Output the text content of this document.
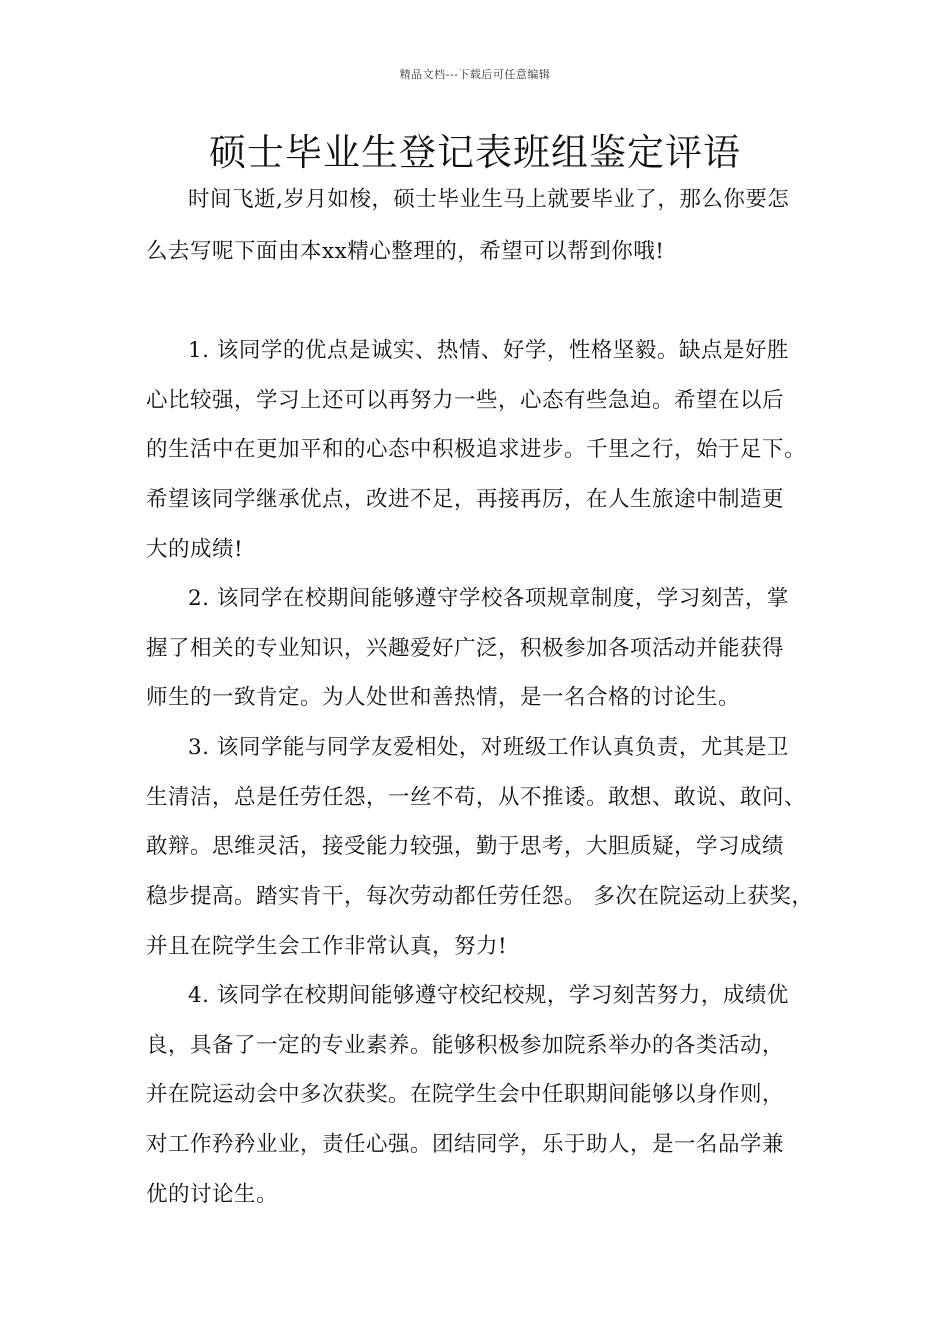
精品文档---下载后可任意编辑
硕士毕业生登记表班组鉴定评语
时间飞逝,岁月如梭，硕士毕业生马上就要毕业了，那么你要怎
么去写呢下面由本xx精心整理的，希望可以帮到你哦!
1. 该同学的优点是诚实、热情、好学，性格坚毅。缺点是好胜
心比较强，学习上还可以再努力一些，心态有些急迫。希望在以后
的生活中在更加平和的心态中积极追求进步。千里之行，始于足下。
希望该同学继承优点，改进不足，再接再厉，在人生旅途中制造更
大的成绩!
2. 该同学在校期间能够遵守学校各项规章制度，学习刻苦，掌
握了相关的专业知识，兴趣爱好广泛，积极参加各项活动并能获得
师生的一致肯定。为人处世和善热情，是一名合格的讨论生。
3. 该同学能与同学友爱相处，对班级工作认真负责，尤其是卫
生清洁，总是任劳任怨，一丝不苟，从不推诿。敢想、敢说、敢问、
敢辩。思维灵活，接受能力较强，勤于思考，大胆质疑，学习成绩
稳步提高。踏实肯干，每次劳动都任劳任怨。 多次在院运动上获奖，
并且在院学生会工作非常认真，努力!
4. 该同学在校期间能够遵守校纪校规，学习刻苦努力，成绩优
良，具备了一定的专业素养。能够积极参加院系举办的各类活动，
并在院运动会中多次获奖。在院学生会中任职期间能够以身作则，
对工作矜矜业业，责任心强。团结同学，乐于助人，是一名品学兼
优的讨论生。
